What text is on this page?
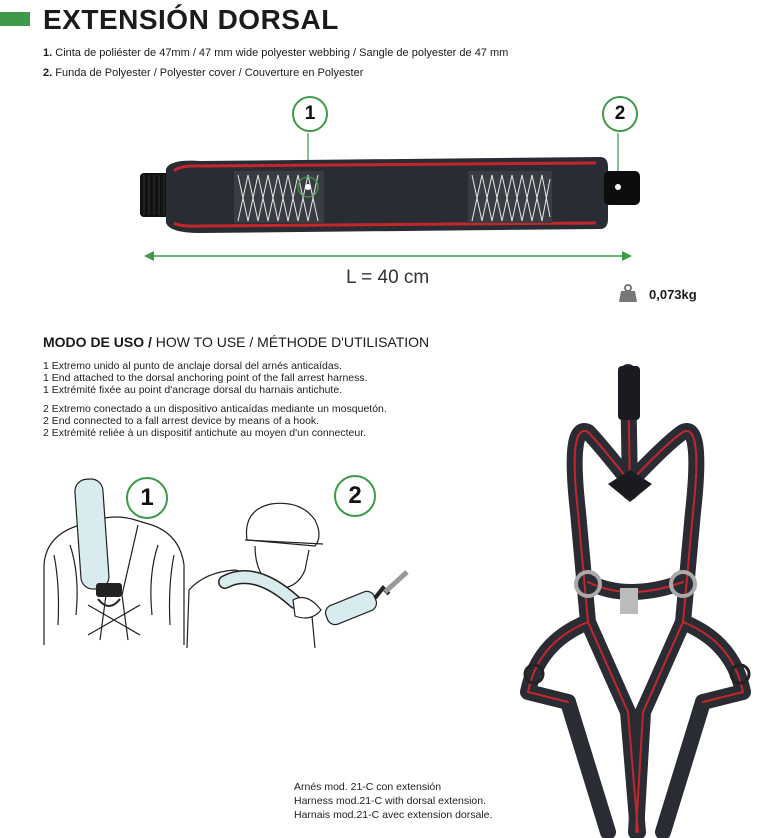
EXTENSIÓN DORSAL
1. Cinta de poliéster de 47mm / 47 mm wide polyester webbing / Sangle de polyester de 47 mm
2. Funda de Polyester / Polyester cover / Couverture en Polyester
1	2
L = 40 cm
0,073kg
MODO DE USO / HOW TO USE / MÉTHODE D'UTILISATION
1 Extremo unido al punto de anclaje dorsal del arnés anticaídas.
1 End attached to the dorsal anchoring point of the fall arrest harness.
1 Extrémité fixée au point d'ancrage dorsal du harnais antichute.
2 Extremo conectado a un dispositivo anticaídas mediante un mosquetón.
2 End connected to a fall arrest device by means of a hook.
2 Extrémité reliée à un dispositif antichute au moyen d'un connecteur.
1	2
Arnés mod. 21-C con extensión
Harness mod.21-C with dorsal extension.
Harnais mod.21-C avec extension dorsale.
